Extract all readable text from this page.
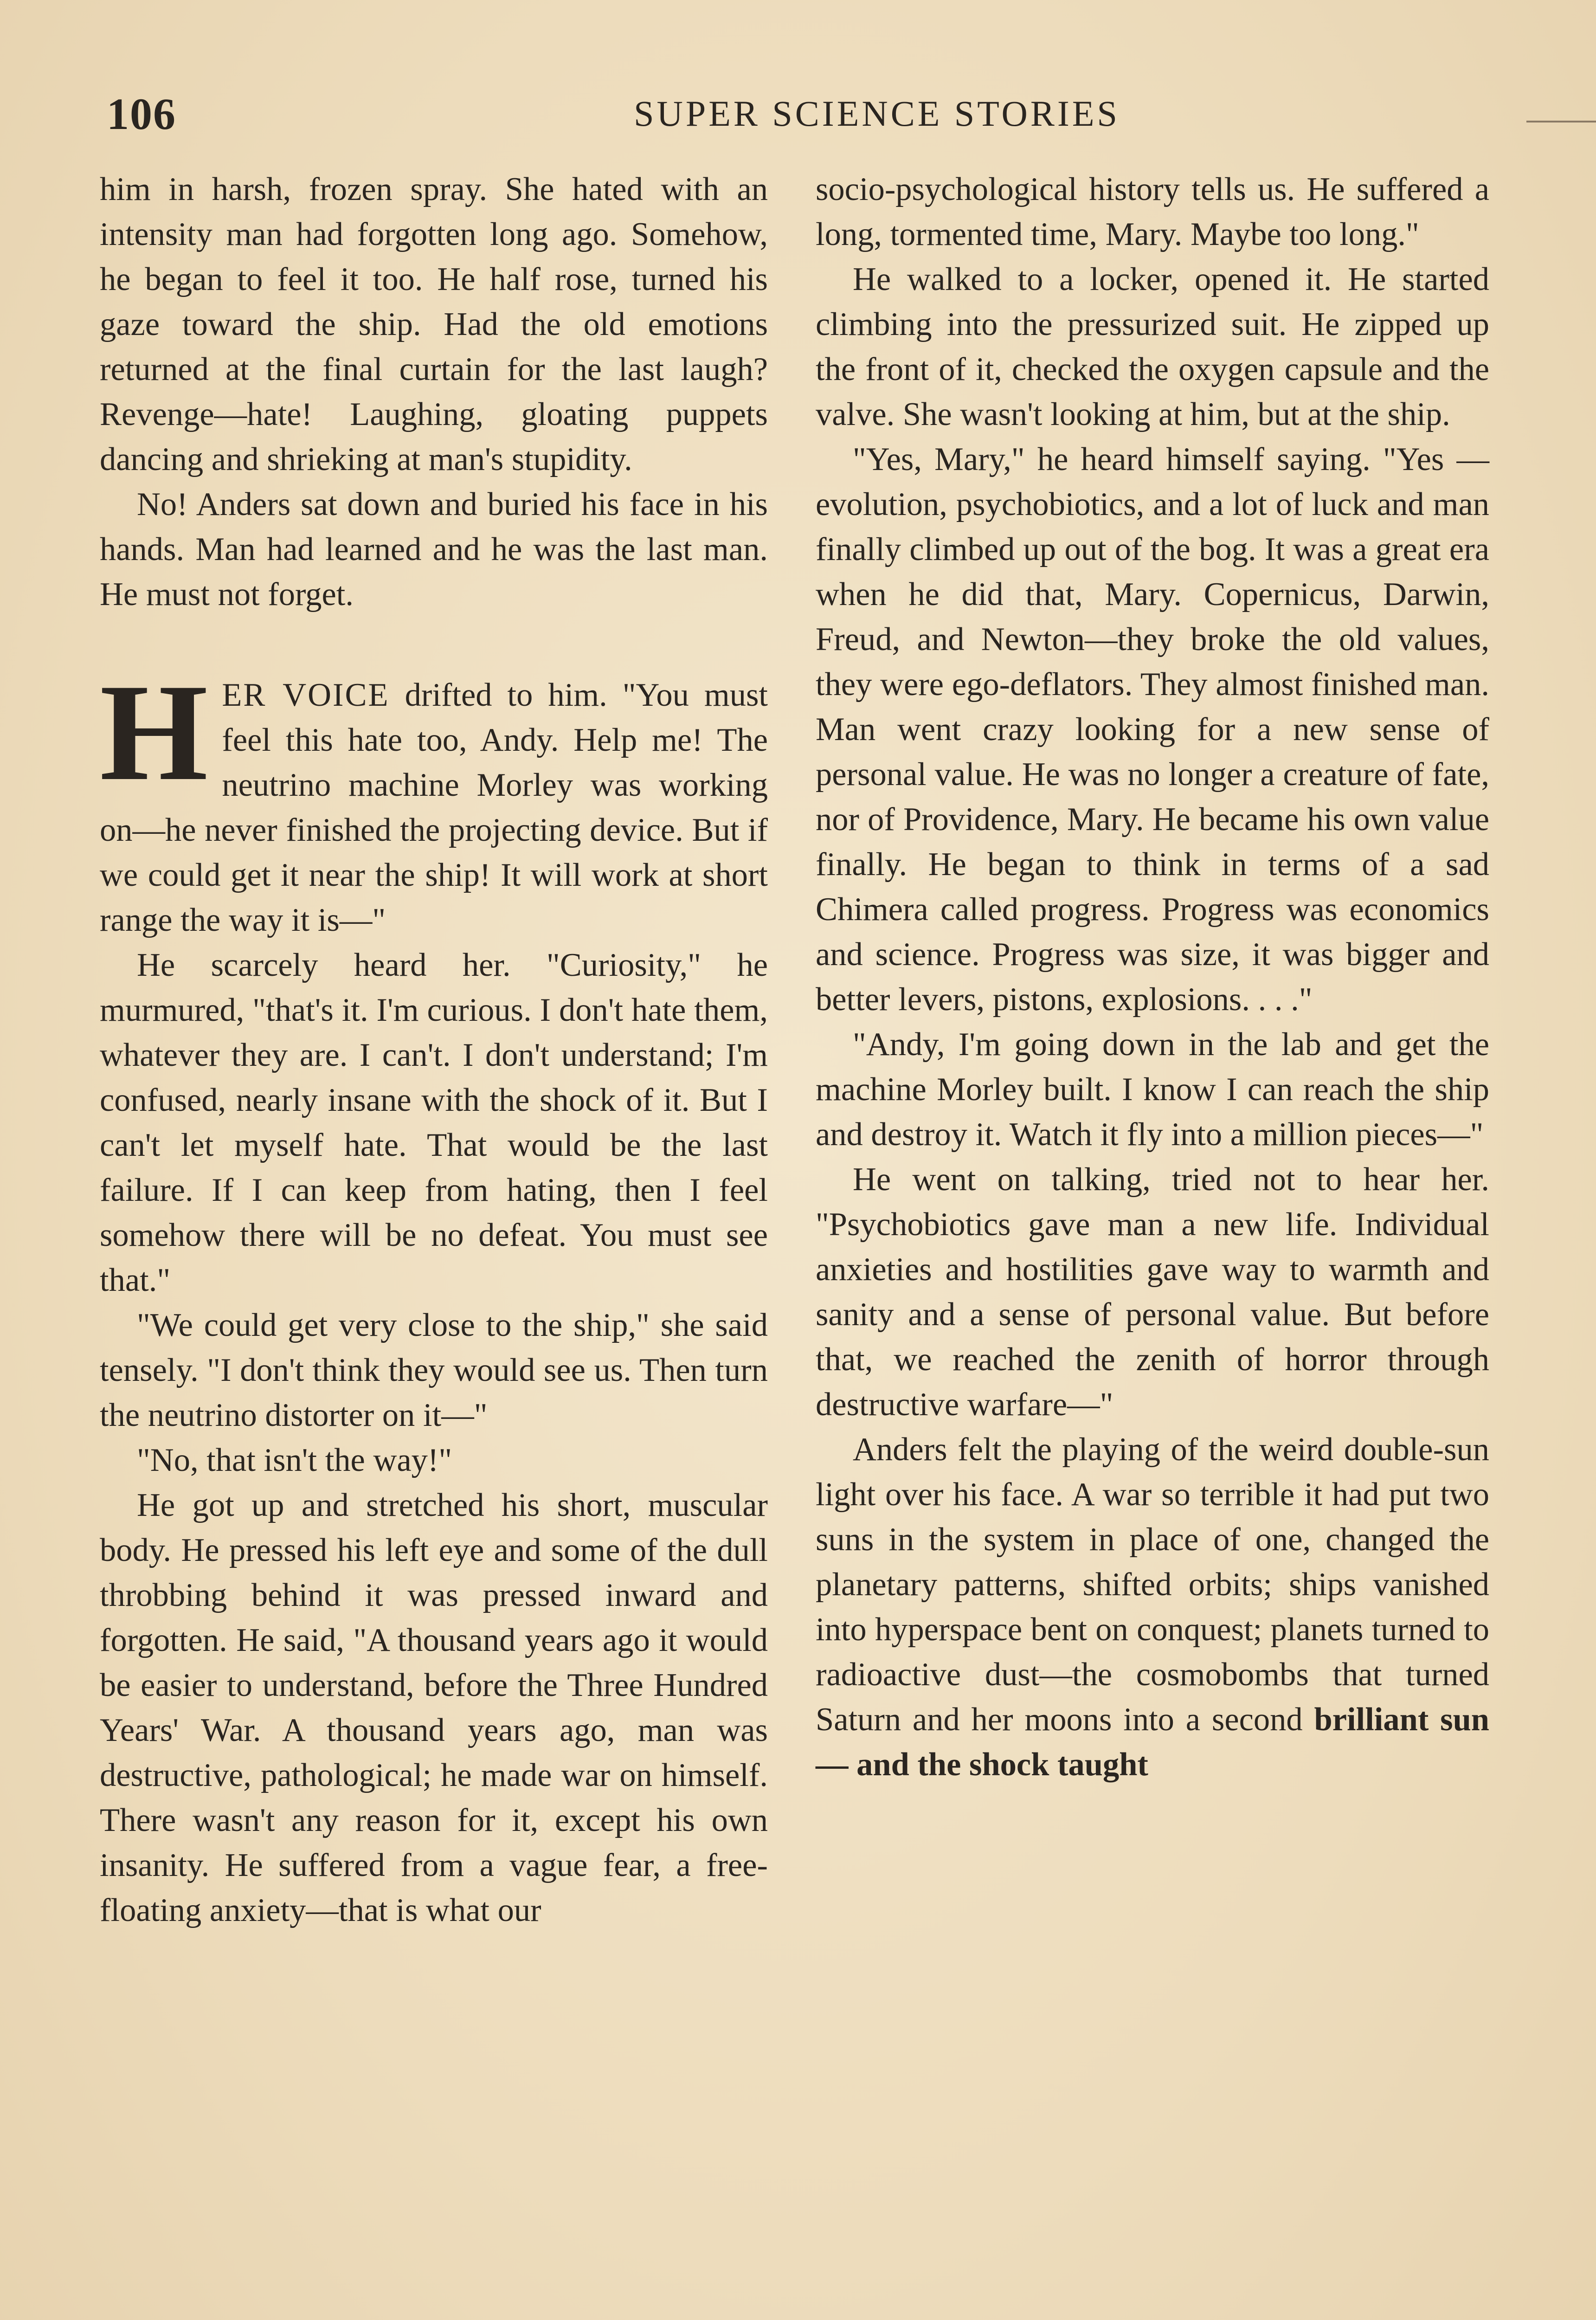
106	SUPER SCIENCE STORIES

him in harsh, frozen spray. She hated with an intensity man had forgotten long ago. Somehow, he began to feel it too. He half rose, turned his gaze toward the ship. Had the old emotions returned at the final curtain for the last laugh? Revenge—hate! Laughing, gloating puppets dancing and shrieking at man's stupidity.

No! Anders sat down and buried his face in his hands. Man had learned and he was the last man. He must not forget.

HER VOICE drifted to him. "You must feel this hate too, Andy. Help me! The neutrino machine Morley was working on—he never finished the projecting device. But if we could get it near the ship! It will work at short range the way it is—"

He scarcely heard her. "Curiosity," he murmured, "that's it. I'm curious. I don't hate them, whatever they are. I can't. I don't understand; I'm confused, nearly insane with the shock of it. But I can't let myself hate. That would be the last failure. If I can keep from hating, then I feel somehow there will be no defeat. You must see that."

"We could get very close to the ship," she said tensely. "I don't think they would see us. Then turn the neutrino distorter on it—"

"No, that isn't the way!"

He got up and stretched his short, muscular body. He pressed his left eye and some of the dull throbbing behind it was pressed inward and forgotten. He said, "A thousand years ago it would be easier to understand, before the Three Hundred Years' War. A thousand years ago, man was destructive, pathological; he made war on himself. There wasn't any reason for it, except his own insanity. He suffered from a vague fear, a free-floating anxiety—that is what our

socio-psychological history tells us. He suffered a long, tormented time, Mary. Maybe too long."

He walked to a locker, opened it. He started climbing into the pressurized suit. He zipped up the front of it, checked the oxygen capsule and the valve. She wasn't looking at him, but at the ship.

"Yes, Mary," he heard himself saying. "Yes — evolution, psychobiotics, and a lot of luck and man finally climbed up out of the bog. It was a great era when he did that, Mary. Copernicus, Darwin, Freud, and Newton—they broke the old values, they were ego-deflators. They almost finished man. Man went crazy looking for a new sense of personal value. He was no longer a creature of fate, nor of Providence, Mary. He became his own value finally. He began to think in terms of a sad Chimera called progress. Progress was economics and science. Progress was size, it was bigger and better levers, pistons, explosions. . . ."

"Andy, I'm going down in the lab and get the machine Morley built. I know I can reach the ship and destroy it. Watch it fly into a million pieces—"

He went on talking, tried not to hear her. "Psychobiotics gave man a new life. Individual anxieties and hostilities gave way to warmth and sanity and a sense of personal value. But before that, we reached the zenith of horror through destructive warfare—"

Anders felt the playing of the weird double-sun light over his face. A war so terrible it had put two suns in the system in place of one, changed the planetary patterns, shifted orbits; ships vanished into hyperspace bent on conquest; planets turned to radioactive dust—the cosmobombs that turned Saturn and her moons into a second brilliant sun— and the shock taught
